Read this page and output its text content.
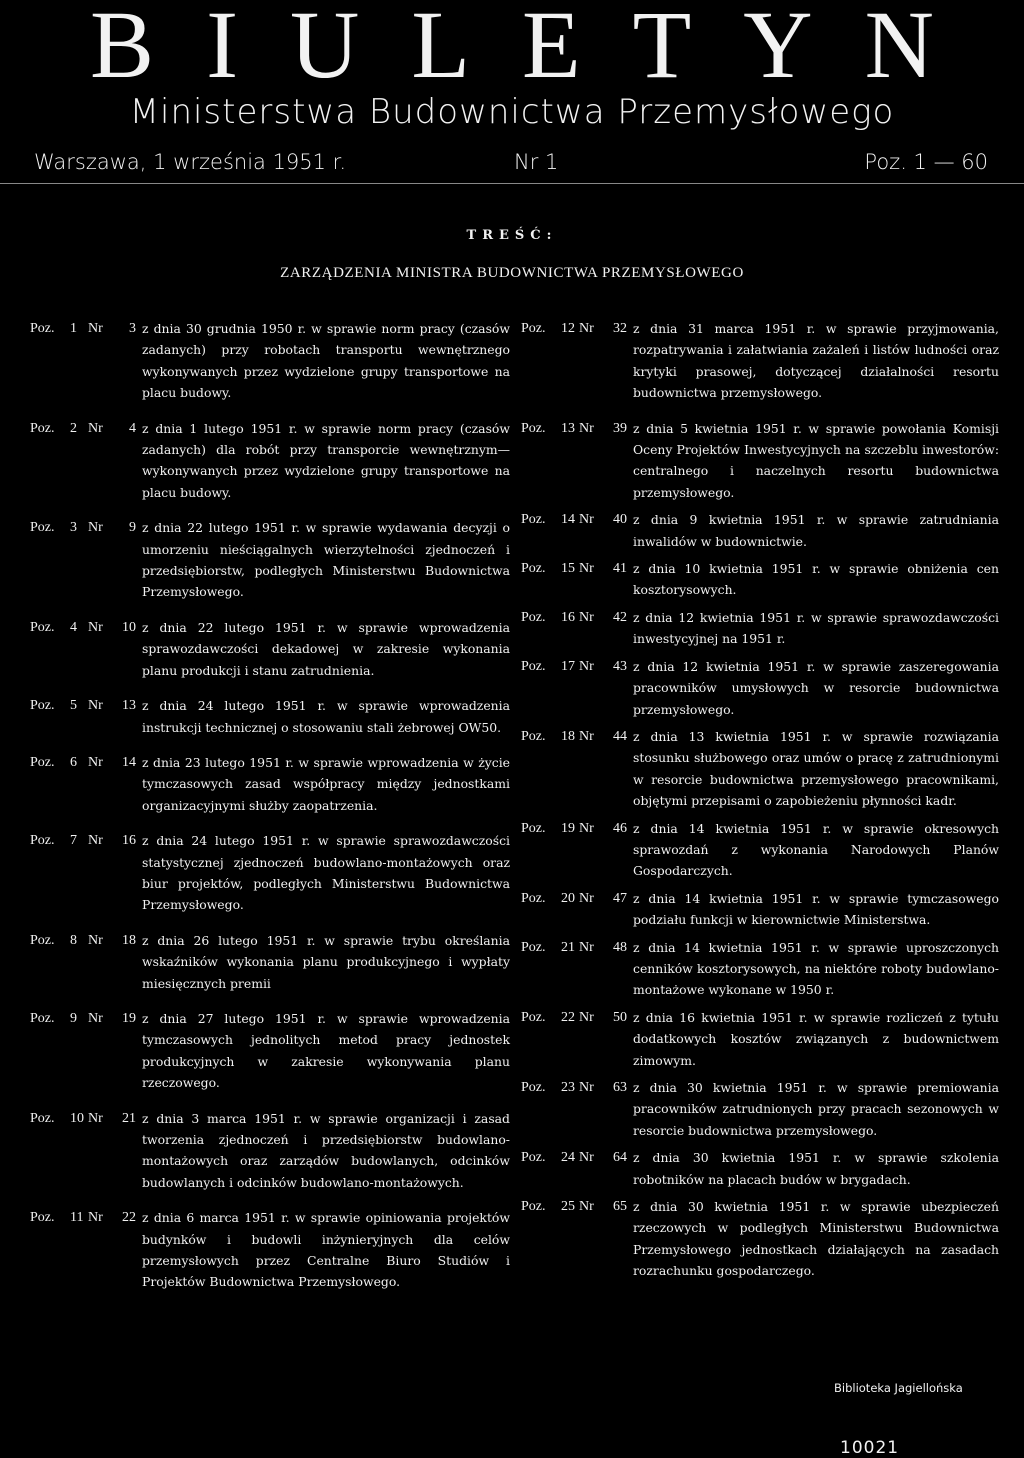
BIULETYN
Ministerstwa Budownictwa Przemysłowego
Warszawa, 1 września 1951 r.	Nr 1	Poz. 1 — 60
TREŚĆ:
ZARZĄDZENIA MINISTRA BUDOWNICTWA PRZEMYSŁOWEGO
Poz.	1 Nr	3 z dnia 30 grudnia 1950 r. w sprawie norm pracy (czasów zadanych) przy robotach transportu wewnętrznego wykonywanych przez wydzielone grupy transportowe na placu budowy.
Poz.	2 Nr	4 z dnia 1 lutego 1951 r. w sprawie norm pracy (czasów zadanych) dla robót przy transporcie wewnętrznym—wykonywanych przez wydzielone grupy transportowe na placu budowy.
Poz.	3 Nr	9 z dnia 22 lutego 1951 r. w sprawie wydawania decyzji o umorzeniu nieściągalnych wierzytelności zjednoczeń i przedsiębiorstw, podległych Ministerstwu Budownictwa Przemysłowego.
Poz.	4 Nr	10 z dnia 22 lutego 1951 r. w sprawie wprowadzenia sprawozdawczości dekadowej w zakresie wykonania planu produkcji i stanu zatrudnienia.
Poz.	5 Nr	13 z dnia 24 lutego 1951 r. w sprawie wprowadzenia instrukcji technicznej o stosowaniu stali żebrowej OW50.
Poz.	6 Nr	14 z dnia 23 lutego 1951 r. w sprawie wprowadzenia w życie tymczasowych zasad współpracy między jednostkami organizacyjnymi służby zaopatrzenia.
Poz.	7 Nr	16 z dnia 24 lutego 1951 r. w sprawie sprawozdawczości statystycznej zjednoczeń budowlano-montażowych oraz biur projektów, podległych Ministerstwu Budownictwa Przemysłowego.
Poz.	8 Nr	18 z dnia 26 lutego 1951 r. w sprawie trybu określania wskaźników wykonania planu produkcyjnego i wypłaty miesięcznych premii
Poz.	9 Nr	19 z dnia 27 lutego 1951 r. w sprawie wprowadzenia tymczasowych jednolitych metod pracy jednostek produkcyjnych w zakresie wykonywania planu rzeczowego.
Poz.	10 Nr	21 z dnia 3 marca 1951 r. w sprawie organizacji i zasad tworzenia zjednoczeń i przedsiębiorstw budowlano-montażowych oraz zarządów budowlanych, odcinków budowlanych i odcinków budowlano-montażowych.
Poz.	11 Nr	22 z dnia 6 marca 1951 r. w sprawie opiniowania projektów budynków i budowli inżynieryjnych dla celów przemysłowych przez Centralne Biuro Studiów i Projektów Budownictwa Przemysłowego.
Poz.	12 Nr	32 z dnia 31 marca 1951 r. w sprawie przyjmowania, rozpatrywania i załatwiania zażaleń i listów ludności oraz krytyki prasowej, dotyczącej działalności resortu budownictwa przemysłowego.
Poz.	13 Nr	39 z dnia 5 kwietnia 1951 r. w sprawie powołania Komisji Oceny Projektów Inwestycyjnych na szczeblu inwestorów: centralnego i naczelnych resortu budownictwa przemysłowego.
Poz.	14 Nr	40 z dnia 9 kwietnia 1951 r. w sprawie zatrudniania inwalidów w budownictwie.
Poz.	15 Nr	41 z dnia 10 kwietnia 1951 r. w sprawie obniżenia cen kosztorysowych.
Poz.	16 Nr	42 z dnia 12 kwietnia 1951 r. w sprawie sprawozdawczości inwestycyjnej na 1951 r.
Poz.	17 Nr	43 z dnia 12 kwietnia 1951 r. w sprawie zaszeregowania pracowników umysłowych w resorcie budownictwa przemysłowego.
Poz.	18 Nr	44 z dnia 13 kwietnia 1951 r. w sprawie rozwiązania stosunku służbowego oraz umów o pracę z zatrudnionymi w resorcie budownictwa przemysłowego pracownikami, objętymi przepisami o zapobieżeniu płynności kadr.
Poz.	19 Nr	46 z dnia 14 kwietnia 1951 r. w sprawie okresowych sprawozdań z wykonania Narodowych Planów Gospodarczych.
Poz.	20 Nr	47 z dnia 14 kwietnia 1951 r. w sprawie tymczasowego podziału funkcji w kierownictwie Ministerstwa.
Poz.	21 Nr	48 z dnia 14 kwietnia 1951 r. w sprawie uproszczonych cenników kosztorysowych, na niektóre roboty budowlano-montażowe wykonane w 1950 r.
Poz.	22 Nr	50 z dnia 16 kwietnia 1951 r. w sprawie rozliczeń z tytułu dodatkowych kosztów związanych z budownictwem zimowym.
Poz.	23 Nr	63 z dnia 30 kwietnia 1951 r. w sprawie premiowania pracowników zatrudnionych przy pracach sezonowych w resorcie budownictwa przemysłowego.
Poz.	24 Nr	64 z dnia 30 kwietnia 1951 r. w sprawie szkolenia robotników na placach budów w brygadach.
Poz.	25 Nr	65 z dnia 30 kwietnia 1951 r. w sprawie ubezpieczeń rzeczowych w podległych Ministerstwu Budownictwa Przemysłowego jednostkach działających na zasadach rozrachunku gospodarczego.
Biblioteka Jagiellońska
10021
